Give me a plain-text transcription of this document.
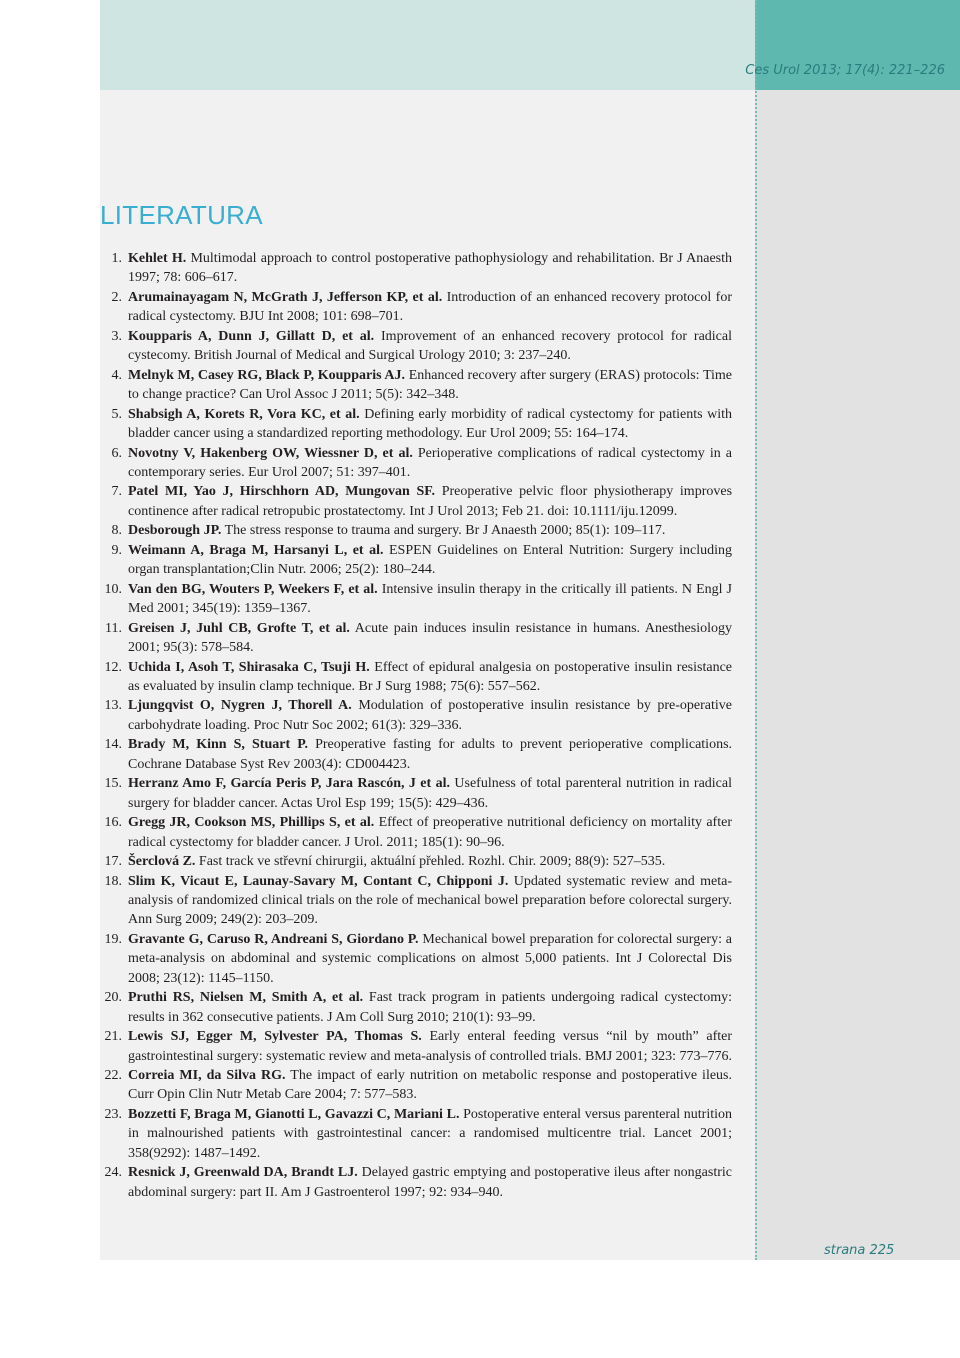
Ces Urol 2013; 17(4): 221–226
LITERATURA
1. Kehlet H. Multimodal approach to control postoperative pathophysiology and rehabilitation. Br J Anaesth 1997; 78: 606–617.
2. Arumainayagam N, McGrath J, Jefferson KP, et al. Introduction of an enhanced recovery protocol for radical cystectomy. BJU Int 2008; 101: 698–701.
3. Koupparis A, Dunn J, Gillatt D, et al. Improvement of an enhanced recovery protocol for radical cystecomy. British Journal of Medical and Surgical Urology 2010; 3: 237–240.
4. Melnyk M, Casey RG, Black P, Koupparis AJ. Enhanced recovery after surgery (ERAS) protocols: Time to change practice? Can Urol Assoc J 2011; 5(5): 342–348.
5. Shabsigh A, Korets R, Vora KC, et al. Defining early morbidity of radical cystectomy for patients with bladder cancer using a standardized reporting methodology. Eur Urol 2009; 55: 164–174.
6. Novotny V, Hakenberg OW, Wiessner D, et al. Perioperative complications of radical cystectomy in a contemporary series. Eur Urol 2007; 51: 397–401.
7. Patel MI, Yao J, Hirschhorn AD, Mungovan SF. Preoperative pelvic floor physiotherapy improves continence after radical retropubic prostatectomy. Int J Urol 2013; Feb 21. doi: 10.1111/iju.12099.
8. Desborough JP. The stress response to trauma and surgery. Br J Anaesth 2000; 85(1): 109–117.
9. Weimann A, Braga M, Harsanyi L, et al. ESPEN Guidelines on Enteral Nutrition: Surgery including organ transplantation;Clin Nutr. 2006; 25(2): 180–244.
10. Van den BG, Wouters P, Weekers F, et al. Intensive insulin therapy in the critically ill patients. N Engl J Med 2001; 345(19): 1359–1367.
11. Greisen J, Juhl CB, Grofte T, et al. Acute pain induces insulin resistance in humans. Anesthesiology 2001; 95(3): 578–584.
12. Uchida I, Asoh T, Shirasaka C, Tsuji H. Effect of epidural analgesia on postoperative insulin resistance as evaluated by insulin clamp technique. Br J Surg 1988; 75(6): 557–562.
13. Ljungqvist O, Nygren J, Thorell A. Modulation of postoperative insulin resistance by pre-operative carbohydrate loading. Proc Nutr Soc 2002; 61(3): 329–336.
14. Brady M, Kinn S, Stuart P. Preoperative fasting for adults to prevent perioperative complications. Cochrane Database Syst Rev 2003(4): CD004423.
15. Herranz Amo F, García Peris P, Jara Rascón, J et al. Usefulness of total parenteral nutrition in radical surgery for bladder cancer. Actas Urol Esp 199; 15(5): 429–436.
16. Gregg JR, Cookson MS, Phillips S, et al. Effect of preoperative nutritional deficiency on mortality after radical cystectomy for bladder cancer. J Urol. 2011; 185(1): 90–96.
17. Šerclová Z. Fast track ve střevní chirurgii, aktuální přehled. Rozhl. Chir. 2009; 88(9): 527–535.
18. Slim K, Vicaut E, Launay-Savary M, Contant C, Chipponi J. Updated systematic review and meta-analysis of randomized clinical trials on the role of mechanical bowel preparation before colorectal surgery. Ann Surg 2009; 249(2): 203–209.
19. Gravante G, Caruso R, Andreani S, Giordano P. Mechanical bowel preparation for colorectal surgery: a meta-analysis on abdominal and systemic complications on almost 5,000 patients. Int J Colorectal Dis 2008; 23(12): 1145–1150.
20. Pruthi RS, Nielsen M, Smith A, et al. Fast track program in patients undergoing radical cystectomy: results in 362 consecutive patients. J Am Coll Surg 2010; 210(1): 93–99.
21. Lewis SJ, Egger M, Sylvester PA, Thomas S. Early enteral feeding versus “nil by mouth” after gastrointestinal surgery: systematic review and meta-analysis of controlled trials. BMJ 2001; 323: 773–776.
22. Correia MI, da Silva RG. The impact of early nutrition on metabolic response and postoperative ileus. Curr Opin Clin Nutr Metab Care 2004; 7: 577–583.
23. Bozzetti F, Braga M, Gianotti L, Gavazzi C, Mariani L. Postoperative enteral versus parenteral nutrition in malnourished patients with gastrointestinal cancer: a randomised multicentre trial. Lancet 2001; 358(9292): 1487–1492.
24. Resnick J, Greenwald DA, Brandt LJ. Delayed gastric emptying and postoperative ileus after nongastric abdominal surgery: part II. Am J Gastroenterol 1997; 92: 934–940.
strana 225
